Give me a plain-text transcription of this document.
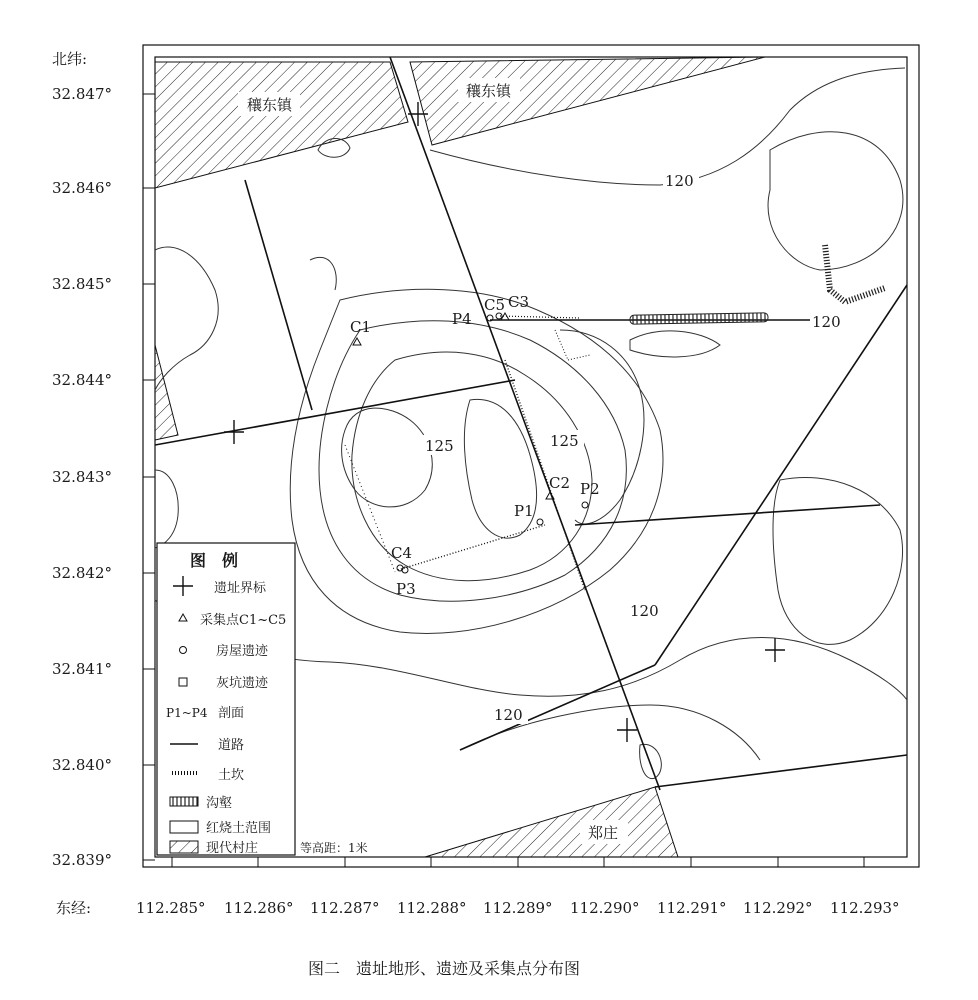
北纬:
32.847°
32.846°
32.845°
32.844°
32.843°
32.842°
32.841°
32.840°
32.839°
东经:	112.285° 112.286° 112.287° 112.288° 112.289° 112.290° 112.291° 112.292° 112.293°
穰东镇
穰东镇
郑庄
120
120
125	125
120
120
C1
C2
C3
C4
C5
P1
P2
P3
P4
图　例
遗址界标
采集点C1~C5
房屋遗迹
灰坑遗迹
P1~P4 剖面
道路
土坎
沟壑
红烧土范围
现代村庄	等高距：1米
图二　遗址地形、遗迹及采集点分布图
